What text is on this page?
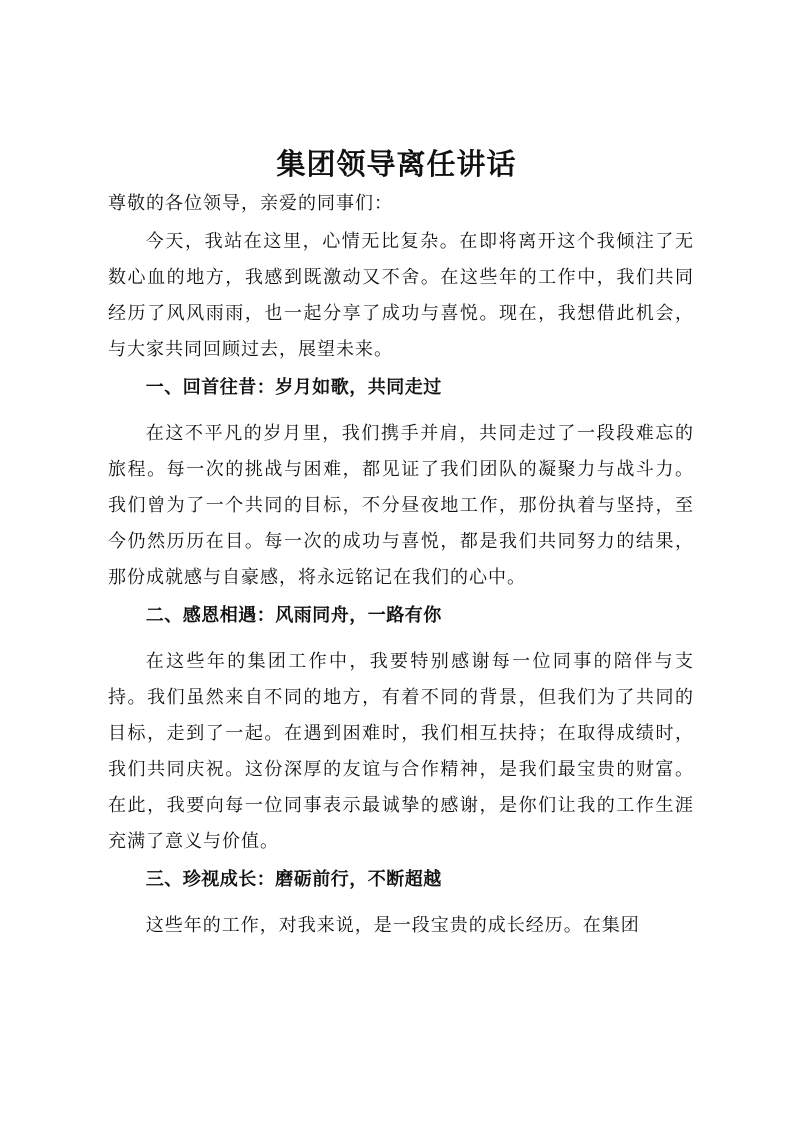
集团领导离任讲话

尊敬的各位领导，亲爱的同事们：

今天，我站在这里，心情无比复杂。在即将离开这个我倾注了无数心血的地方，我感到既激动又不舍。在这些年的工作中，我们共同经历了风风雨雨，也一起分享了成功与喜悦。现在，我想借此机会，与大家共同回顾过去，展望未来。

一、回首往昔：岁月如歌，共同走过

在这不平凡的岁月里，我们携手并肩，共同走过了一段段难忘的旅程。每一次的挑战与困难，都见证了我们团队的凝聚力与战斗力。我们曾为了一个共同的目标，不分昼夜地工作，那份执着与坚持，至今仍然历历在目。每一次的成功与喜悦，都是我们共同努力的结果，那份成就感与自豪感，将永远铭记在我们的心中。

二、感恩相遇：风雨同舟，一路有你

在这些年的集团工作中，我要特别感谢每一位同事的陪伴与支持。我们虽然来自不同的地方，有着不同的背景，但我们为了共同的目标，走到了一起。在遇到困难时，我们相互扶持；在取得成绩时，我们共同庆祝。这份深厚的友谊与合作精神，是我们最宝贵的财富。在此，我要向每一位同事表示最诚挚的感谢，是你们让我的工作生涯充满了意义与价值。

三、珍视成长：磨砺前行，不断超越

这些年的工作，对我来说，是一段宝贵的成长经历。在集团
